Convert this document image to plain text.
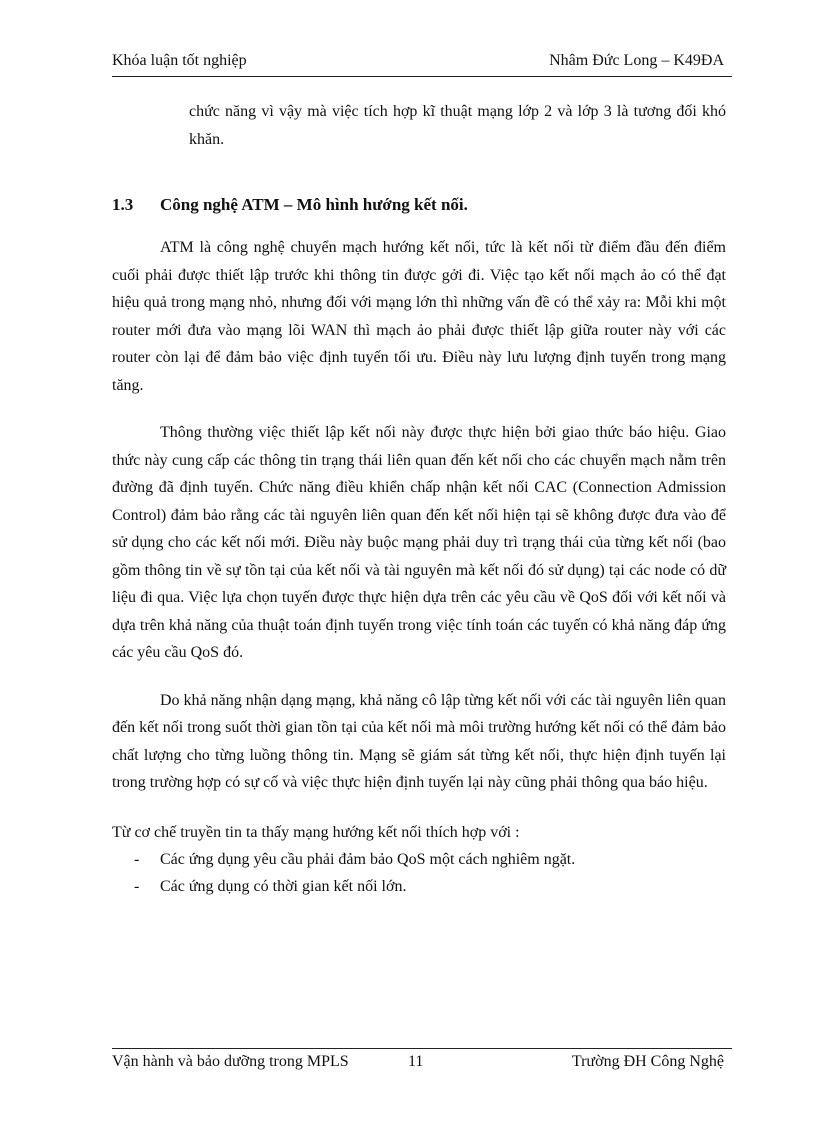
Khóa luận tốt nghiệp	Nhâm Đức Long – K49ĐA

chức năng vì vậy mà việc tích hợp kĩ thuật mạng lớp 2 và lớp 3 là tương đối khó khăn.

1.3 Công nghệ ATM – Mô hình hướng kết nối.

ATM là công nghệ chuyển mạch hướng kết nối, tức là kết nối từ điểm đầu đến điểm cuối phải được thiết lập trước khi thông tin được gởi đi. Việc tạo kết nối mạch ảo có thể đạt hiệu quả trong mạng nhỏ, nhưng đối với mạng lớn thì những vấn đề có thể xảy ra: Mỗi khi một router mới đưa vào mạng lõi WAN thì mạch ảo phải được thiết lập giữa router này với các router còn lại để đảm bảo việc định tuyến tối ưu. Điều này lưu lượng định tuyến trong mạng tăng.

Thông thường việc thiết lập kết nối này được thực hiện bởi giao thức báo hiệu. Giao thức này cung cấp các thông tin trạng thái liên quan đến kết nối cho các chuyển mạch nằm trên đường đã định tuyến. Chức năng điều khiển chấp nhận kết nối CAC (Connection Admission Control) đảm bảo rằng các tài nguyên liên quan đến kết nối hiện tại sẽ không được đưa vào để sử dụng cho các kết nối mới. Điều này buộc mạng phải duy trì trạng thái của từng kết nối (bao gồm thông tin về sự tồn tại của kết nối và tài nguyên mà kết nối đó sử dụng) tại các node có dữ liệu đi qua. Việc lựa chọn tuyến được thực hiện dựa trên các yêu cầu về QoS đối với kết nối và dựa trên khả năng của thuật toán định tuyến trong việc tính toán các tuyến có khả năng đáp ứng các yêu cầu QoS đó.

Do khả năng nhận dạng mạng, khả năng cô lập từng kết nối với các tài nguyên liên quan đến kết nối trong suốt thời gian tồn tại của kết nối mà môi trường hướng kết nối có thể đảm bảo chất lượng cho từng luồng thông tin. Mạng sẽ giám sát từng kết nối, thực hiện định tuyến lại trong trường hợp có sự cố và việc thực hiện định tuyến lại này cũng phải thông qua báo hiệu.

Từ cơ chế truyền tin ta thấy mạng hướng kết nối thích hợp với :

- Các ứng dụng yêu cầu phải đảm bảo QoS một cách nghiêm ngặt.
- Các ứng dụng có thời gian kết nối lớn.
Vận hành và bảo dưỡng trong MPLS	11	Trường ĐH Công Nghệ
